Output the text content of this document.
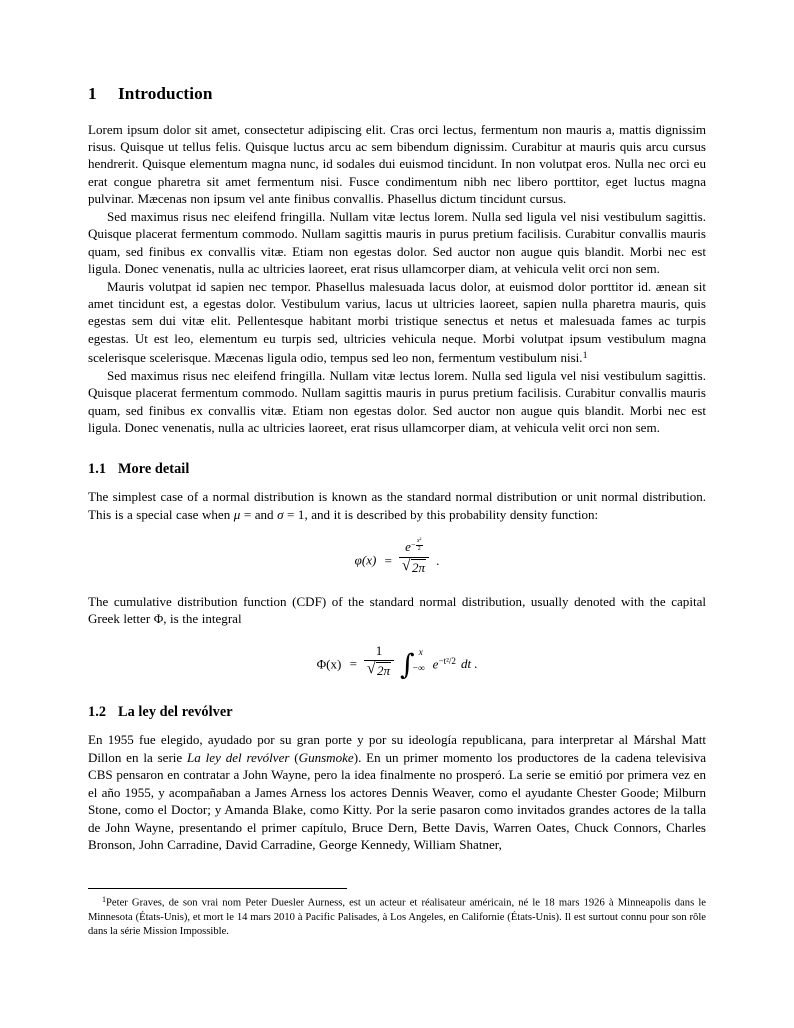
1 Introduction

Lorem ipsum dolor sit amet, consectetur adipiscing elit. Cras orci lectus, fermentum non mauris a, mattis dignissim risus. Quisque ut tellus felis. Quisque luctus arcu ac sem bibendum dignissim. Curabitur at mauris quis arcu cursus hendrerit. Quisque elementum magna nunc, id sodales dui euismod tincidunt. In non volutpat eros. Nulla nec orci eu erat congue pharetra sit amet fermentum nisi. Fusce condimentum nibh nec libero porttitor, eget luctus magna pulvinar. Mæcenas non ipsum vel ante finibus convallis. Phasellus dictum tincidunt cursus.

Sed maximus risus nec eleifend fringilla. Nullam vitæ lectus lorem. Nulla sed ligula vel nisi vestibulum sagittis. Quisque placerat fermentum commodo. Nullam sagittis mauris in purus pretium facilisis. Curabitur convallis mauris quam, sed finibus ex convallis vitæ. Etiam non egestas dolor. Sed auctor non augue quis blandit. Morbi nec est ligula. Donec venenatis, nulla ac ultricies laoreet, erat risus ullamcorper diam, at vehicula velit orci non sem.

Mauris volutpat id sapien nec tempor. Phasellus malesuada lacus dolor, at euismod dolor porttitor id. ænean sit amet tincidunt est, a egestas dolor. Vestibulum varius, lacus ut ultricies laoreet, sapien nulla pharetra mauris, quis egestas sem dui vitæ elit. Pellentesque habitant morbi tristique senectus et netus et malesuada fames ac turpis egestas. Ut est leo, elementum eu turpis sed, ultricies vehicula neque. Morbi volutpat ipsum vestibulum magna scelerisque scelerisque. Mæcenas ligula odio, tempus sed leo non, fermentum vestibulum nisi.$^1$

Sed maximus risus nec eleifend fringilla. Nullam vitæ lectus lorem. Nulla sed ligula vel nisi vestibulum sagittis. Quisque placerat fermentum commodo. Nullam sagittis mauris in purus pretium facilisis. Curabitur convallis mauris quam, sed finibus ex convallis vitæ. Etiam non egestas dolor. Sed auctor non augue quis blandit. Morbi nec est ligula. Donec venenatis, nulla ac ultricies laoreet, erat risus ullamcorper diam, at vehicula velit orci non sem.

1.1 More detail

The simplest case of a normal distribution is known as the standard normal distribution or unit normal distribution. This is a special case when μ = and σ = 1, and it is described by this probability density function:

$\varphi(x) = e^{- \frac{x^2}{2}}$
√ 2π .

The cumulative distribution function (CDF) of the standard normal distribution, usually denoted with the capital Greek letter Φ, is the integral

$\Phi(x) = \frac{1}{√ 2\pi}$ ∫ x
−∞ $e^{-t^2/2}$ dt .
1.2 La ley del revólver

En 1955 fue elegido, ayudado por su gran porte y por su ideología republicana, para interpretar al Márshal Matt Dillon en la serie La ley del revólver (Gunsmoke). En un primer momento los productores de la cadena televisiva CBS pensaron en contratar a John Wayne, pero la idea finalmente no prosperó. La serie se emitió por primera vez en el año 1955, y acompañaban a James Arness los actores Dennis Weaver, como el ayudante Chester Goode; Milburn Stone, como el Doctor; y Amanda Blake, como Kitty. Por la serie pasaron como invitados grandes actores de la talla de John Wayne, presentando el primer capítulo, Bruce Dern, Bette Davis, Warren Oates, Chuck Connors, Charles Bronson, John Carradine, David Carradine, George Kennedy, William Shatner,

$^1$Peter Graves, de son vrai nom Peter Duesler Aurness, est un acteur et réalisateur américain, né le 18 mars 1926 à Minneapolis dans le Minnesota (États-Unis), et mort le 14 mars 2010 à Pacific Palisades, à Los Angeles, en Californie (États-Unis). Il est surtout connu pour son rôle dans la série Mission Impossible.
